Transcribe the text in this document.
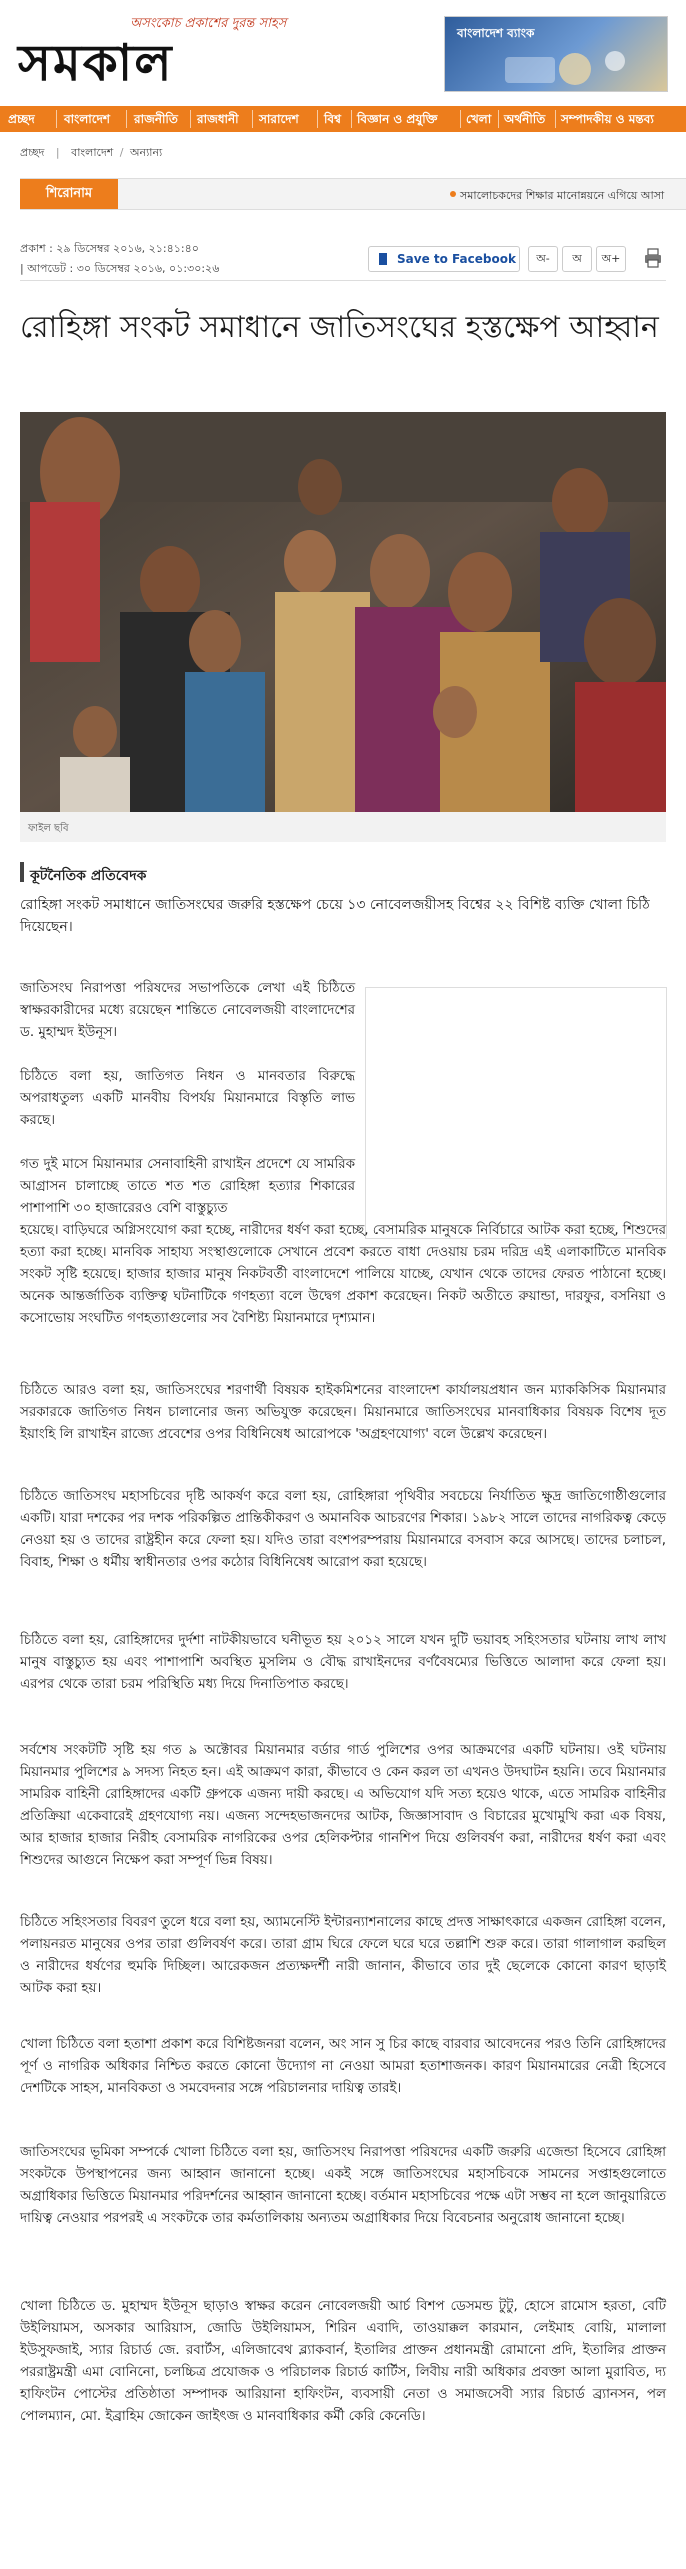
অসংকোচ প্রকাশের দুরন্ত সাহস
সমকাল	বাংলাদেশ ব্যাংক
প্রচ্ছদ বাংলাদেশ রাজনীতি রাজধানী সারাদেশ বিশ্ব বিজ্ঞান ও প্রযুক্তি খেলা অর্থনীতি সম্পাদকীয় ও মন্তব্য
প্রচ্ছদ | বাংলাদেশ / অন্যান্য
শিরোনাম	সমালোচকদের শিক্ষার মানোন্নয়নে এগিয়ে আসা
প্রকাশ : ২৯ ডিসেম্বর ২০১৬, ২১:৪১:৪০
| আপডেট : ৩০ ডিসেম্বর ২০১৬, ০১:৩০:২৬
Save to Facebook	অ-	অ	অ+
রোহিঙ্গা সংকট সমাধানে জাতিসংঘের হস্তক্ষেপ আহ্বান
ফাইল ছবি
কূটনৈতিক প্রতিবেদক

রোহিঙ্গা সংকট সমাধানে জাতিসংঘের জরুরি হস্তক্ষেপ চেয়ে ১৩ নোবেলজয়ীসহ বিশ্বের ২২ বিশিষ্ট ব্যক্তি খোলা চিঠি দিয়েছেন।

জাতিসংঘ নিরাপত্তা পরিষদের সভাপতিকে লেখা এই চিঠিতে স্বাক্ষরকারীদের মধ্যে রয়েছেন শান্তিতে নোবেলজয়ী বাংলাদেশের ড. মুহাম্মদ ইউনূস।

চিঠিতে বলা হয়, জাতিগত নিধন ও মানবতার বিরুদ্ধে অপরাধতুল্য একটি মানবীয় বিপর্যয় মিয়ানমারে বিস্তৃতি লাভ করছে।

গত দুই মাসে মিয়ানমার সেনাবাহিনী রাখাইন প্রদেশে যে সামরিক আগ্রাসন চালাচ্ছে তাতে শত শত রোহিঙ্গা হত্যার শিকারের পাশাপাশি ৩০ হাজারেরও বেশি বাস্তুচ্যুত
হয়েছে। বাড়িঘরে অগ্নিসংযোগ করা হচ্ছে, নারীদের ধর্ষণ করা হচ্ছে, বেসামরিক মানুষকে নির্বিচারে আটক করা হচ্ছে, শিশুদের হত্যা করা হচ্ছে। মানবিক সাহায্য সংস্থাগুলোকে সেখানে প্রবেশ করতে বাধা দেওয়ায় চরম দরিদ্র এই এলাকাটিতে মানবিক সংকট সৃষ্টি হয়েছে। হাজার হাজার মানুষ নিকটবর্তী বাংলাদেশে পালিয়ে যাচ্ছে, যেখান থেকে তাদের ফেরত পাঠানো হচ্ছে। অনেক আন্তর্জাতিক ব্যক্তিত্ব ঘটনাটিকে গণহত্যা বলে উদ্বেগ প্রকাশ করেছেন। নিকট অতীতে রুয়ান্ডা, দারফুর, বসনিয়া ও কসোভোয় সংঘটিত গণহত্যাগুলোর সব বৈশিষ্ট্য মিয়ানমারে দৃশ্যমান।

চিঠিতে আরও বলা হয়, জাতিসংঘের শরণার্থী বিষয়ক হাইকমিশনের বাংলাদেশ কার্যালয়প্রধান জন ম্যাককিসিক মিয়ানমার সরকারকে জাতিগত নিধন চালানোর জন্য অভিযুক্ত করেছেন। মিয়ানমারে জাতিসংঘের মানবাধিকার বিষয়ক বিশেষ দূত ইয়াংহি লি রাখাইন রাজ্যে প্রবেশের ওপর বিধিনিষেধ আরোপকে 'অগ্রহণযোগ্য' বলে উল্লেখ করেছেন।

চিঠিতে জাতিসংঘ মহাসচিবের দৃষ্টি আকর্ষণ করে বলা হয়, রোহিঙ্গারা পৃথিবীর সবচেয়ে নির্যাতিত ক্ষুদ্র জাতিগোষ্ঠীগুলোর একটি। যারা দশকের পর দশক পরিকল্পিত প্রান্তিকীকরণ ও অমানবিক আচরণের শিকার। ১৯৮২ সালে তাদের নাগরিকত্ব কেড়ে নেওয়া হয় ও তাদের রাষ্ট্রহীন করে ফেলা হয়। যদিও তারা বংশপরম্পরায় মিয়ানমারে বসবাস করে আসছে। তাদের চলাচল, বিবাহ, শিক্ষা ও ধর্মীয় স্বাধীনতার ওপর কঠোর বিধিনিষেধ আরোপ করা হয়েছে।

চিঠিতে বলা হয়, রোহিঙ্গাদের দুর্দশা নাটকীয়ভাবে ঘনীভূত হয় ২০১২ সালে যখন দুটি ভয়াবহ সহিংসতার ঘটনায় লাখ লাখ মানুষ বাস্তুচ্যুত হয় এবং পাশাপাশি অবস্থিত মুসলিম ও বৌদ্ধ রাখাইনদের বর্ণবৈষম্যের ভিত্তিতে আলাদা করে ফেলা হয়। এরপর থেকে তারা চরম পরিস্থিতি মধ্য দিয়ে দিনাতিপাত করছে।

সর্বশেষ সংকটটি সৃষ্টি হয় গত ৯ অক্টোবর মিয়ানমার বর্ডার গার্ড পুলিশের ওপর আক্রমণের একটি ঘটনায়। ওই ঘটনায় মিয়ানমার পুলিশের ৯ সদস্য নিহত হন। এই আক্রমণ কারা, কীভাবে ও কেন করল তা এখনও উদঘাটন হয়নি। তবে মিয়ানমার সামরিক বাহিনী রোহিঙ্গাদের একটি গ্রুপকে এজন্য দায়ী করছে। এ অভিযোগ যদি সত্য হয়েও থাকে, এতে সামরিক বাহিনীর প্রতিক্রিয়া একেবারেই গ্রহণযোগ্য নয়। এজন্য সন্দেহভাজনদের আটক, জিজ্ঞাসাবাদ ও বিচারের মুখোমুখি করা এক বিষয়, আর হাজার হাজার নিরীহ বেসামরিক নাগরিকের ওপর হেলিকপ্টার গানশিপ দিয়ে গুলিবর্ষণ করা, নারীদের ধর্ষণ করা এবং শিশুদের আগুনে নিক্ষেপ করা সম্পূর্ণ ভিন্ন বিষয়।

চিঠিতে সহিংসতার বিবরণ তুলে ধরে বলা হয়, অ্যামনেস্টি ইন্টারন্যাশনালের কাছে প্রদত্ত সাক্ষাৎকারে একজন রোহিঙ্গা বলেন, পলায়নরত মানুষের ওপর তারা গুলিবর্ষণ করে। তারা গ্রাম ঘিরে ফেলে ঘরে ঘরে তল্লাশি শুরু করে। তারা গালাগাল করছিল ও নারীদের ধর্ষণের হুমকি দিচ্ছিল। আরেকজন প্রত্যক্ষদর্শী নারী জানান, কীভাবে তার দুই ছেলেকে কোনো কারণ ছাড়াই আটক করা হয়।

খোলা চিঠিতে বলা হতাশা প্রকাশ করে বিশিষ্টজনরা বলেন, অং সান সু চির কাছে বারবার আবেদনের পরও তিনি রোহিঙ্গাদের পূর্ণ ও নাগরিক অধিকার নিশ্চিত করতে কোনো উদ্যোগ না নেওয়া আমরা হতাশাজনক। কারণ মিয়ানমারের নেত্রী হিসেবে দেশটিকে সাহস, মানবিকতা ও সমবেদনার সঙ্গে পরিচালনার দায়িত্ব তারই।

জাতিসংঘের ভূমিকা সম্পর্কে খোলা চিঠিতে বলা হয়, জাতিসংঘ নিরাপত্তা পরিষদের একটি জরুরি এজেন্ডা হিসেবে রোহিঙ্গা সংকটকে উপস্থাপনের জন্য আহ্বান জানানো হচ্ছে। একই সঙ্গে জাতিসংঘের মহাসচিবকে সামনের সপ্তাহগুলোতে অগ্রাধিকার ভিত্তিতে মিয়ানমার পরিদর্শনের আহ্বান জানানো হচ্ছে। বর্তমান মহাসচিবের পক্ষে এটা সম্ভব না হলে জানুয়ারিতে দায়িত্ব নেওয়ার পরপরই এ সংকটকে তার কর্মতালিকায় অন্যতম অগ্রাধিকার দিয়ে বিবেচনার অনুরোধ জানানো হচ্ছে।

খোলা চিঠিতে ড. মুহাম্মদ ইউনূস ছাড়াও স্বাক্ষর করেন নোবেলজয়ী আর্চ বিশপ ডেসমন্ড টুটু, হোসে রামোস হরতা, বেটি উইলিয়ামস, অসকার আরিয়াস, জোডি উইলিয়ামস, শিরিন এবাদি, তাওয়াক্কল কারমান, লেইমাহ বোয়ি, মালালা ইউসুফজাই, স্যার রিচার্ড জে. রবার্টস, এলিজাবেথ ব্ল্যাকবার্ন, ইতালির প্রাক্তন প্রধানমন্ত্রী রোমানো প্রদি, ইতালির প্রাক্তন পররাষ্ট্রমন্ত্রী এমা বোনিনো, চলচ্চিত্র প্রযোজক ও পরিচালক রিচার্ড কার্টিস, লিবীয় নারী অধিকার প্রবক্তা আলা মুরাবিত, দ্য হাফিংটন পোস্টের প্রতিষ্ঠাতা সম্পাদক আরিয়ানা হাফিংটন, ব্যবসায়ী নেতা ও সমাজসেবী স্যার রিচার্ড ব্র্যানসন, পল পোলম্যান, মো. ইব্রাহিম জোকেন জাইৎজ ও মানবাধিকার কর্মী কেরি কেনেডি।
